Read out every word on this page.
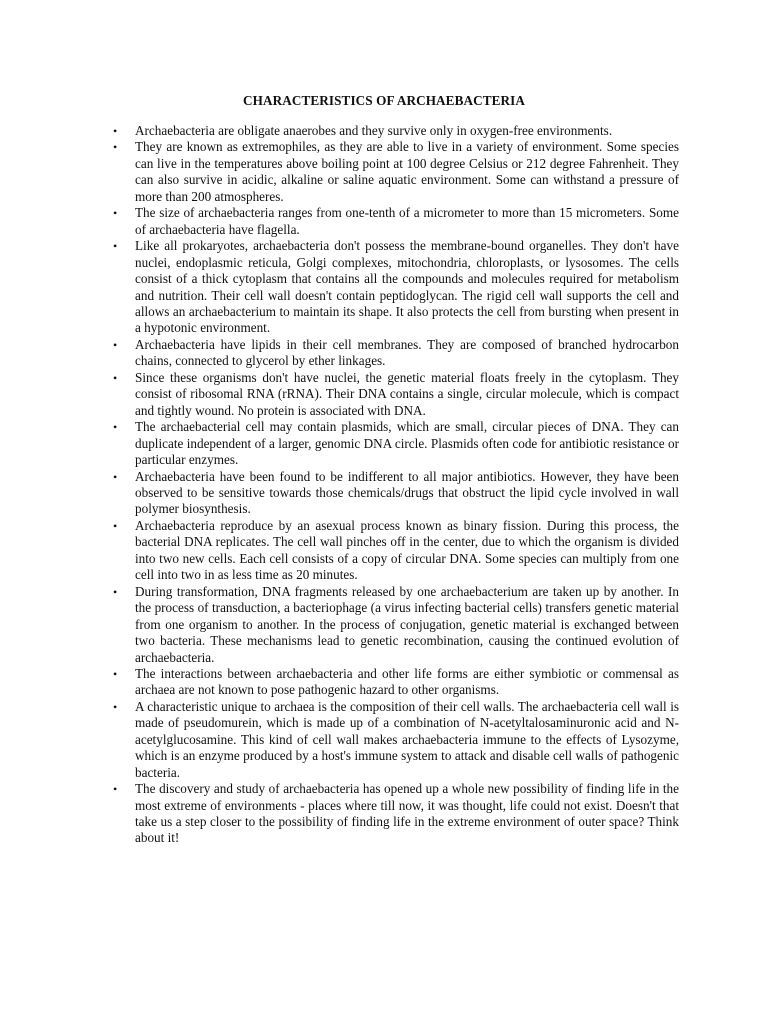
CHARACTERISTICS OF ARCHAEBACTERIA
• Archaebacteria are obligate anaerobes and they survive only in oxygen-free environments.
• They are known as extremophiles, as they are able to live in a variety of environment. Some species can live in the temperatures above boiling point at 100 degree Celsius or 212 degree Fahrenheit. They can also survive in acidic, alkaline or saline aquatic environment. Some can withstand a pressure of more than 200 atmospheres.
• The size of archaebacteria ranges from one-tenth of a micrometer to more than 15 micrometers. Some of archaebacteria have flagella.
• Like all prokaryotes, archaebacteria don't possess the membrane-bound organelles. They don't have nuclei, endoplasmic reticula, Golgi complexes, mitochondria, chloroplasts, or lysosomes. The cells consist of a thick cytoplasm that contains all the compounds and molecules required for metabolism and nutrition. Their cell wall doesn't contain peptidoglycan. The rigid cell wall supports the cell and allows an archaebacterium to maintain its shape. It also protects the cell from bursting when present in a hypotonic environment.
• Archaebacteria have lipids in their cell membranes. They are composed of branched hydrocarbon chains, connected to glycerol by ether linkages.
• Since these organisms don't have nuclei, the genetic material floats freely in the cytoplasm. They consist of ribosomal RNA (rRNA). Their DNA contains a single, circular molecule, which is compact and tightly wound. No protein is associated with DNA.
• The archaebacterial cell may contain plasmids, which are small, circular pieces of DNA. They can duplicate independent of a larger, genomic DNA circle. Plasmids often code for antibiotic resistance or particular enzymes.
• Archaebacteria have been found to be indifferent to all major antibiotics. However, they have been observed to be sensitive towards those chemicals/drugs that obstruct the lipid cycle involved in wall polymer biosynthesis.
• Archaebacteria reproduce by an asexual process known as binary fission. During this process, the bacterial DNA replicates. The cell wall pinches off in the center, due to which the organism is divided into two new cells. Each cell consists of a copy of circular DNA. Some species can multiply from one cell into two in as less time as 20 minutes.
• During transformation, DNA fragments released by one archaebacterium are taken up by another. In the process of transduction, a bacteriophage (a virus infecting bacterial cells) transfers genetic material from one organism to another. In the process of conjugation, genetic material is exchanged between two bacteria. These mechanisms lead to genetic recombination, causing the continued evolution of archaebacteria.
• The interactions between archaebacteria and other life forms are either symbiotic or commensal as archaea are not known to pose pathogenic hazard to other organisms.
• A characteristic unique to archaea is the composition of their cell walls. The archaebacteria cell wall is made of pseudomurein, which is made up of a combination of N-acetyltalosaminuronic acid and N-acetylglucosamine. This kind of cell wall makes archaebacteria immune to the effects of Lysozyme, which is an enzyme produced by a host's immune system to attack and disable cell walls of pathogenic bacteria.
• The discovery and study of archaebacteria has opened up a whole new possibility of finding life in the most extreme of environments - places where till now, it was thought, life could not exist. Doesn't that take us a step closer to the possibility of finding life in the extreme environment of outer space? Think about it!
